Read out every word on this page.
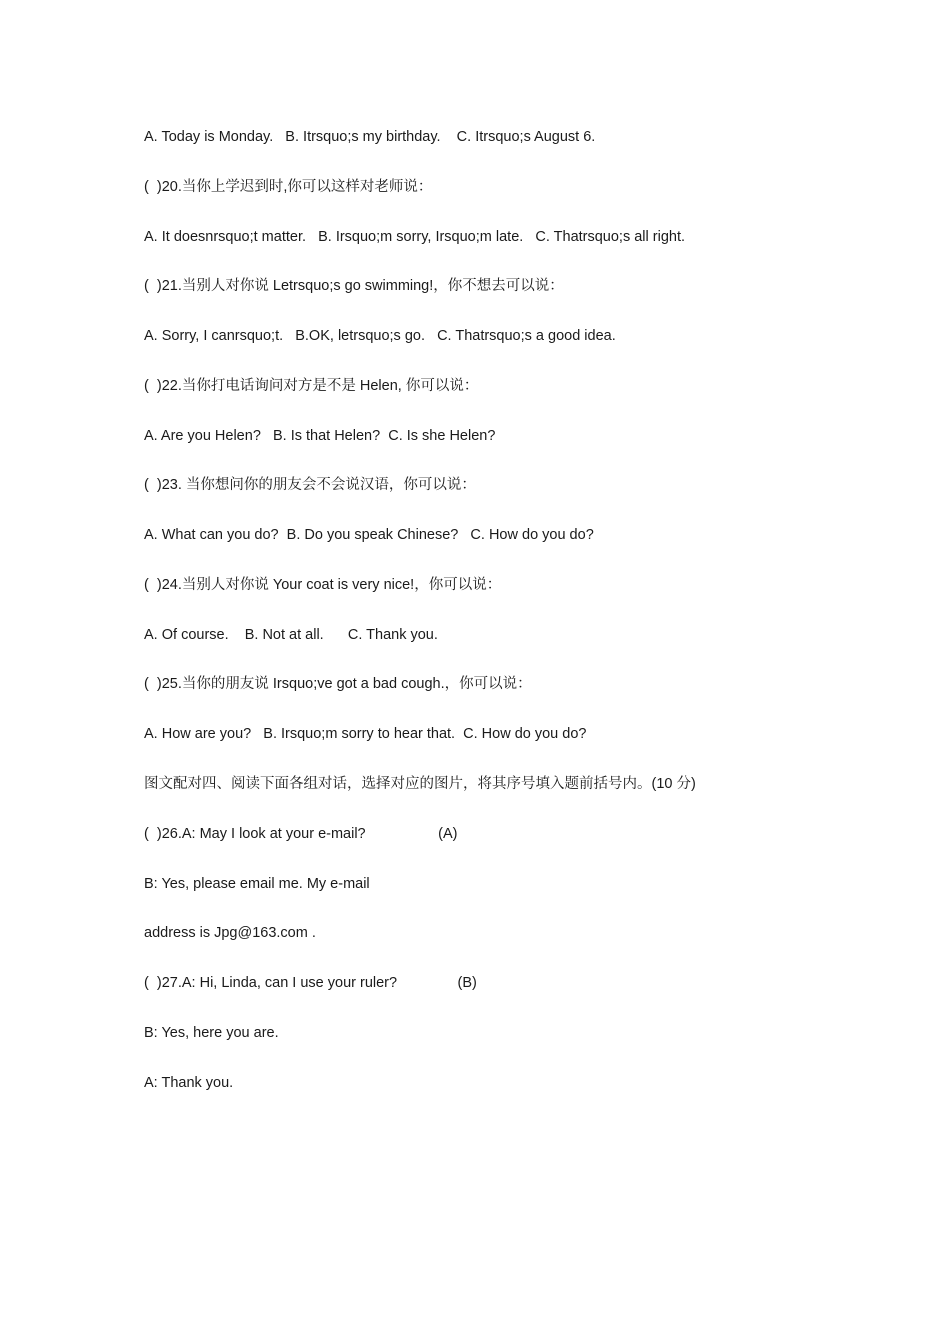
A. Today is Monday.   B. Itrsquo;s my birthday.    C. Itrsquo;s August 6.
(  )20.当你上学迟到时,你可以这样对老师说：
A. It doesnrsquo;t matter.   B. Irsquo;m sorry, Irsquo;m late.   C. Thatrsquo;s all right.
(  )21.当别人对你说 Letrsquo;s go swimming!，你不想去可以说：
A. Sorry, I canrsquo;t.   B.OK, letrsquo;s go.   C. Thatrsquo;s a good idea.
(  )22.当你打电话询问对方是不是 Helen, 你可以说：
A. Are you Helen?   B. Is that Helen?  C. Is she Helen?
(  )23. 当你想问你的朋友会不会说汉语，你可以说：
A. What can you do?  B. Do you speak Chinese?   C. How do you do?
(  )24.当别人对你说 Your coat is very nice!，你可以说：
A. Of course.    B. Not at all.      C. Thank you.
(  )25.当你的朋友说 Irsquo;ve got a bad cough.，你可以说：
A. How are you?   B. Irsquo;m sorry to hear that.  C. How do you do?
图文配对四、阅读下面各组对话，选择对应的图片，将其序号填入题前括号内。(10 分)
(  )26.A: May I look at your e-mail?                  (A)
B: Yes, please email me. My e-mail
address is Jpg@163.com .
(  )27.A: Hi, Linda, can I use your ruler?               (B)
B: Yes, here you are.
A: Thank you.
